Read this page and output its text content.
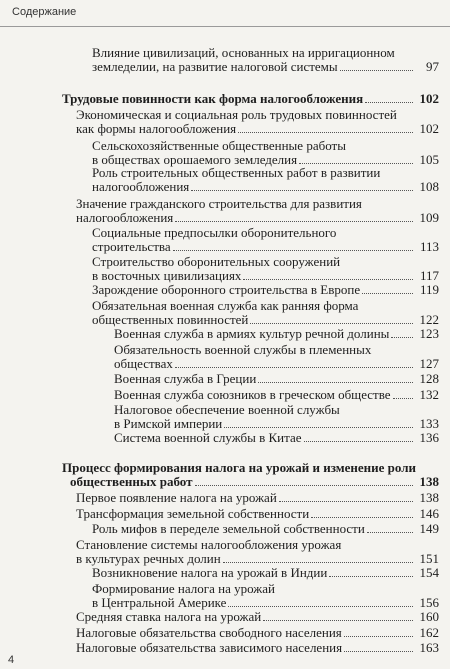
Содержание
Влияние цивилизаций, основанных на ирригационном
земледелии, на развитие налоговой системы	97
Трудовые повинности как форма налогообложения	102
Экономическая и социальная роль трудовых повинностей
как формы налогообложения	102
Сельскохозяйственные общественные работы
в обществах орошаемого земледелия	105
Роль строительных общественных работ в развитии
налогообложения	108
Значение гражданского строительства для развития
налогообложения	109
Социальные предпосылки оборонительного
строительства	113
Строительство оборонительных сооружений
в восточных цивилизациях	117
Зарождение оборонного строительства в Европе	119
Обязательная военная служба как ранняя форма
общественных повинностей	122
Военная служба в армиях культур речной долины	123
Обязательность военной службы в племенных
обществах	127
Военная служба в Греции	128
Военная служба союзников в греческом обществе	132
Налоговое обеспечение военной службы
в Римской империи	133
Система военной службы в Китае	136
Процесс формирования налога на урожай и изменение роли
общественных работ	138
Первое появление налога на урожай	138
Трансформация земельной собственности	146
Роль мифов в переделе земельной собственности	149
Становление системы налогообложения урожая
в культурах речных долин	151
Возникновение налога на урожай в Индии	154
Формирование налога на урожай
в Центральной Америке	156
Средняя ставка налога на урожай	160
Налоговые обязательства свободного населения	162
Налоговые обязательства зависимого населения	163
4
